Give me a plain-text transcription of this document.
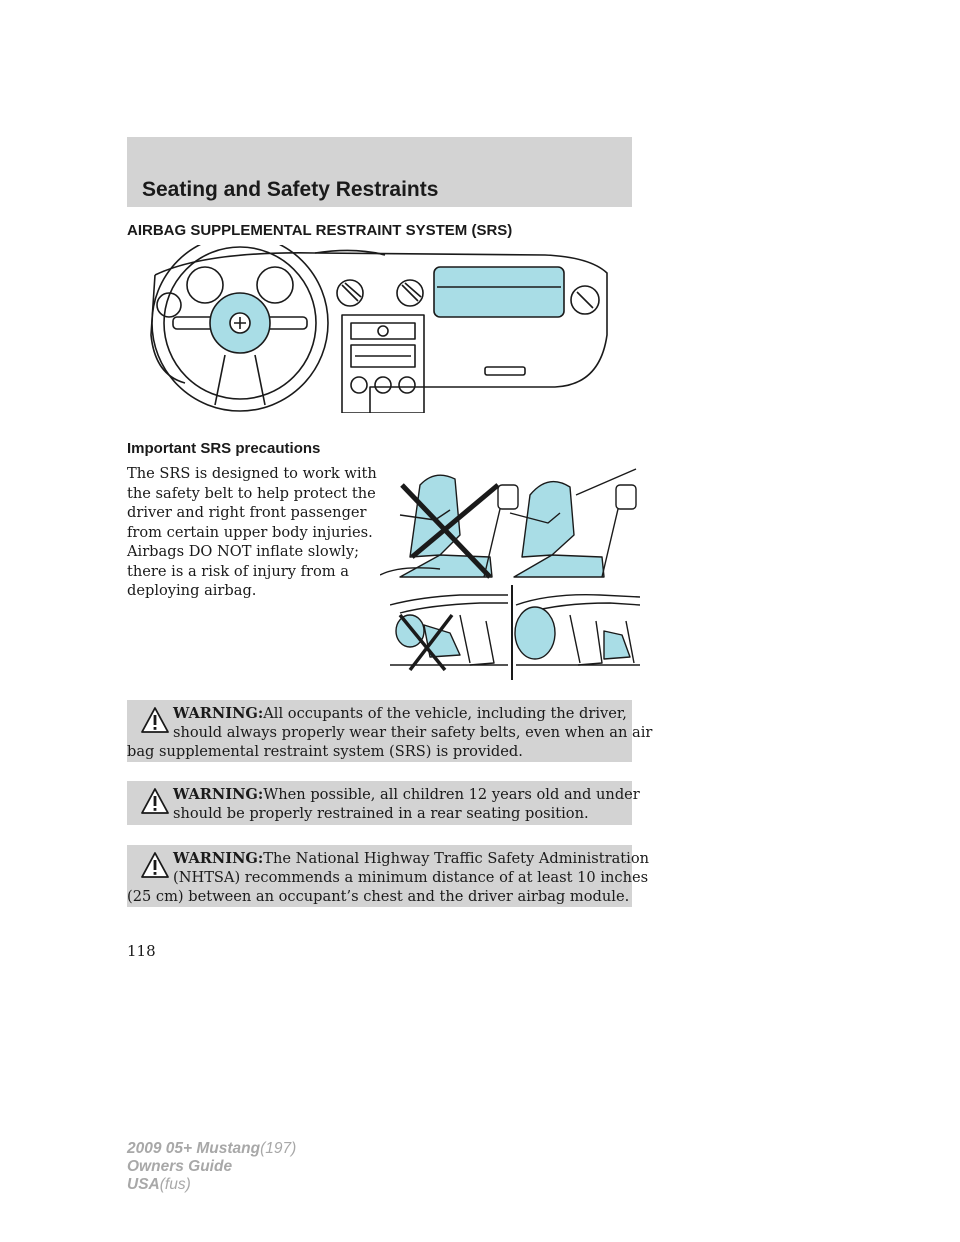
Seating and Safety Restraints
AIRBAG SUPPLEMENTAL RESTRAINT SYSTEM (SRS)
Important SRS precautions
The SRS is designed to work with
the safety belt to help protect the
driver and right front passenger
from certain upper body injuries.
Airbags DO NOT inflate slowly;
there is a risk of injury from a
deploying airbag.
WARNING:All occupants of the vehicle, including the driver,
should always properly wear their safety belts, even when an air
bag supplemental restraint system (SRS) is provided.
WARNING:When possible, all children 12 years old and under
should be properly restrained in a rear seating position.
WARNING:The National Highway Traffic Safety Administration
(NHTSA) recommends a minimum distance of at least 10 inches
(25 cm) between an occupant’s chest and the driver airbag module.
118
2009 05+ Mustang(197)
Owners Guide
USA(fus)
